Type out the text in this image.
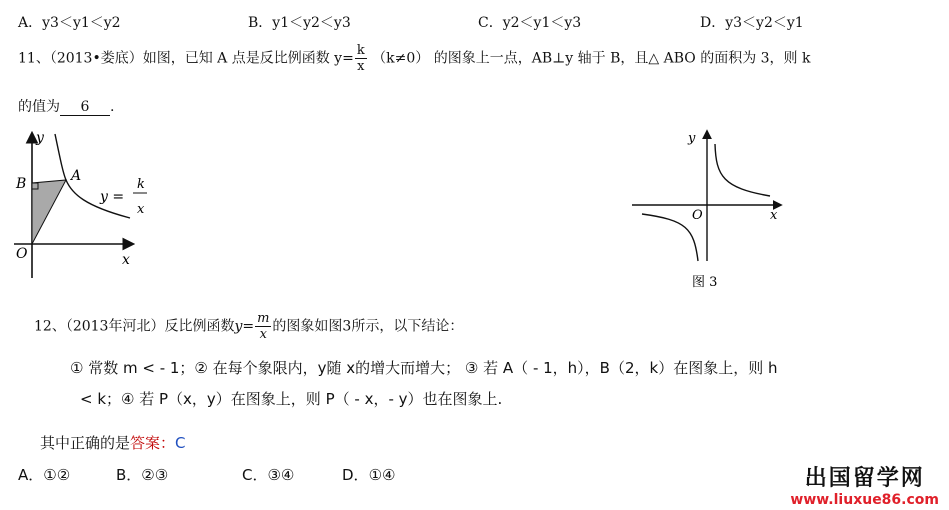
A．y3＜y1＜y2	B．y1＜y2＜y3	C．y2＜y1＜y3	D．y3＜y2＜y1
11、（2013•娄底）如图，已知 A 点是反比例函数 $y= \frac{k}{x} (k\ne 0)$ 的图象上一点，AB⊥y 轴于 B，且△ ABO 的面积为 3，则 k
的值为 6 .
y
x
O
B	A
y =
k
x
y
x
O
图 3
12、（2013年河北）反比例函数$y= \frac{m}{x}$ 的图象如图3所示，以下结论：
① 常数 m < - 1；② 在每个象限内，y随 x的增大而增大； ③ 若 A（ - 1，h），B（2，k）在图象上，则 h
< k；④ 若 P（x，y）在图象上，则 P（ - x，- y）也在图象上.
其中正确的是答案：C
A．①②	B．②③	C．③④	D．①④	出国留学网
www.liuxue86.com
